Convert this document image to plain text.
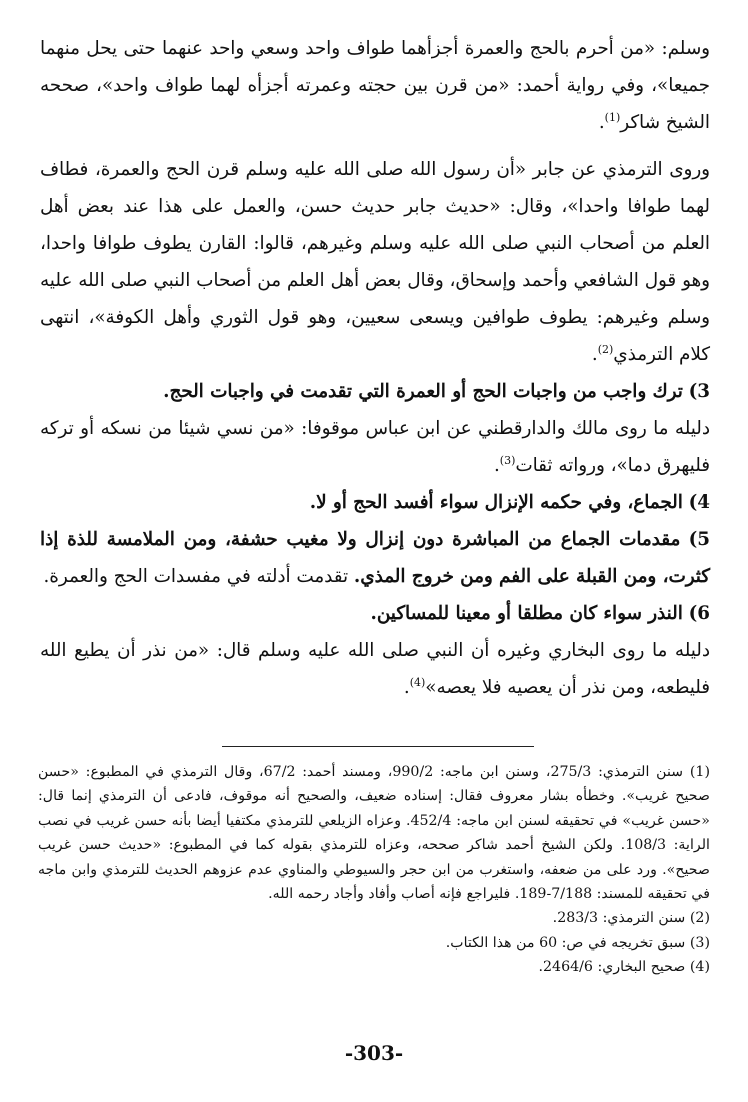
وسلم: «من أحرم بالحج والعمرة أجزأهما طواف واحد وسعي واحد عنهما حتى يحل منهما جميعا»، وفي رواية أحمد: «من قرن بين حجته وعمرته أجزأه لهما طواف واحد»، صححه الشيخ شاكر$^{(1)}$.

وروى الترمذي عن جابر «أن رسول الله صلى الله عليه وسلم قرن الحج والعمرة، فطاف لهما طوافا واحدا»، وقال: «حديث جابر حديث حسن، والعمل على هذا عند بعض أهل العلم من أصحاب النبي صلى الله عليه وسلم وغيرهم، قالوا: القارن يطوف طوافا واحدا، وهو قول الشافعي وأحمد وإسحاق، وقال بعض أهل العلم من أصحاب النبي صلى الله عليه وسلم وغيرهم: يطوف طوافين ويسعى سعيين، وهو قول الثوري وأهل الكوفة»، انتهى كلام الترمذي$^{(2)}$.

3) ترك واجب من واجبات الحج أو العمرة التي تقدمت في واجبات الحج.

دليله ما روى مالك والدارقطني عن ابن عباس موقوفا: «من نسي شيئا من نسكه أو تركه فليهرق دما»، ورواته ثقات$^{(3)}$.

4) الجماع، وفي حكمه الإنزال سواء أفسد الحج أو لا.

5) مقدمات الجماع من المباشرة دون إنزال ولا مغيب حشفة، ومن الملامسة للذة إذا كثرت، ومن القبلة على الفم ومن خروج المذي. تقدمت أدلته في مفسدات الحج والعمرة.

6) النذر سواء كان مطلقا أو معينا للمساكين.

دليله ما روى البخاري وغيره أن النبي صلى الله عليه وسلم قال: «من نذر أن يطيع الله فليطعه، ومن نذر أن يعصيه فلا يعصه»$^{(4)}$.

(1) سنن الترمذي: 275/3، وسنن ابن ماجه: 990/2، ومسند أحمد: 67/2، وقال الترمذي في المطبوع: «حسن صحيح غريب». وخطأه بشار معروف فقال: إسناده ضعيف، والصحيح أنه موقوف، فادعى أن الترمذي إنما قال: «حسن غريب» في تحقيقه لسنن ابن ماجه: 452/4. وعزاه الزيلعي للترمذي مكتفيا أيضا بأنه حسن غريب في نصب الراية: 108/3. ولكن الشيخ أحمد شاكر صححه، وعزاه للترمذي بقوله كما في المطبوع: «حديث حسن غريب صحيح». ورد على من ضعفه، واستغرب من ابن حجر والسيوطي والمناوي عدم عزوهم الحديث للترمذي وابن ماجه في تحقيقه للمسند: 7/188-189. فليراجع فإنه أصاب وأفاد وأجاد رحمه الله.

(2) سنن الترمذي: 283/3.

(3) سبق تخريجه في ص: 60 من هذا الكتاب.

(4) صحيح البخاري: 2464/6.

-303-
